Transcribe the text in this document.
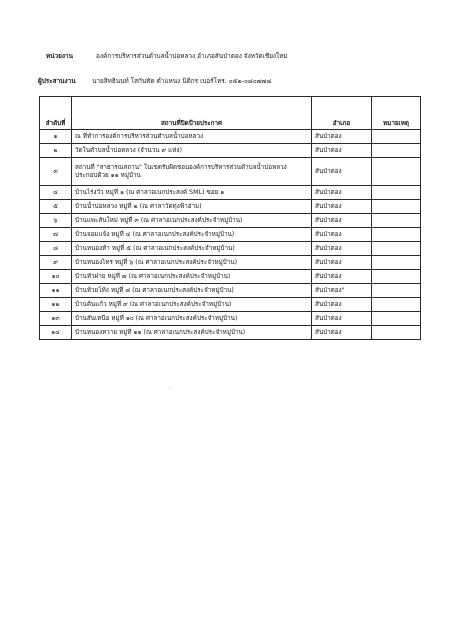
หน่วยงาน	องค์การบริหารส่วนตำบลน้ำบ่อหลวง อำเภอสันป่าตอง จังหวัดเชียงใหม่
ผู้ประสานงาน	นายสิทธินนท์ โสกันทัด ตำแหน่ง นิติกร เบอร์โทร. ๐๕๒-๐๘๐๗๗๘
ลำดับที่	สถานที่ปิดป้ายประกาศ	อำเภอ	หมายเหตุ
๑	ณ ที่ทำการองค์การบริหารส่วนตำบลน้ำบ่อหลวง	สันป่าตอง	
๒	วัดในตำบลน้ำบ่อหลวง (จำนวน ๙ แห่ง)	สันป่าตอง	
๓	สถานที่ "สาธารณสถาน" ในเขตรับผิดชอบองค์การบริหารส่วนตำบลน้ำบ่อหลวง ประกอบด้วย ๑๑ หมู่บ้าน	สันป่าตอง	
๔	บ้านไร่งวัว หมู่ที่ ๑ (ณ ศาลาอเนกประสงค์ SML) ซอย ๑	สันป่าตอง	
๕	บ้านน้ำบ่อหลวง หมู่ที่ ๒ (ณ ศาลาวัดทุ่งฟ้าฮ่าม)	สันป่าตอง	
๖	บ้านแพะสันใหม่ หมู่ที่ ๓ (ณ ศาลาอเนกประสงค์ประจำหมู่บ้าน)	สันป่าตอง	
๗	บ้านจอมแจ้ง หมู่ที่ ๔ (ณ ศาลาอเนกประสงค์ประจำหมู่บ้าน)	สันป่าตอง	
๘	บ้านหนองห้า หมู่ที่ ๕ (ณ ศาลาอเนกประสงค์ประจำหมู่บ้าน)	สันป่าตอง	
๙	บ้านหนองไทร หมู่ที่ ๖ (ณ ศาลาอเนกประสงค์ประจำหมู่บ้าน)	สันป่าตอง	
๑๐	บ้านหัวฝาย หมู่ที่ ๗ (ณ ศาลาอเนกประสงค์ประจำหมู่บ้าน)	สันป่าตอง	
๑๑	บ้านห้วยโท้ง หมู่ที่ ๘ (ณ ศาลาอเนกประสงค์ประจำหมู่บ้าน)	สันป่าตอง"	
๑๒	บ้านต้นแก้ว หมู่ที่ ๙ (ณ ศาลาอเนกประสงค์ประจำหมู่บ้าน)	สันป่าตอง	
๑๓	บ้านสันเหนือ หมู่ที่ ๑๐ (ณ ศาลาอเนกประสงค์ประจำหมู่บ้าน)	สันป่าตอง	
๑๔	บ้านหนองหวาย หมู่ที่ ๑๑ (ณ ศาลาอเนกประสงค์ประจำหมู่บ้าน)	สันป่าตอง	
·
